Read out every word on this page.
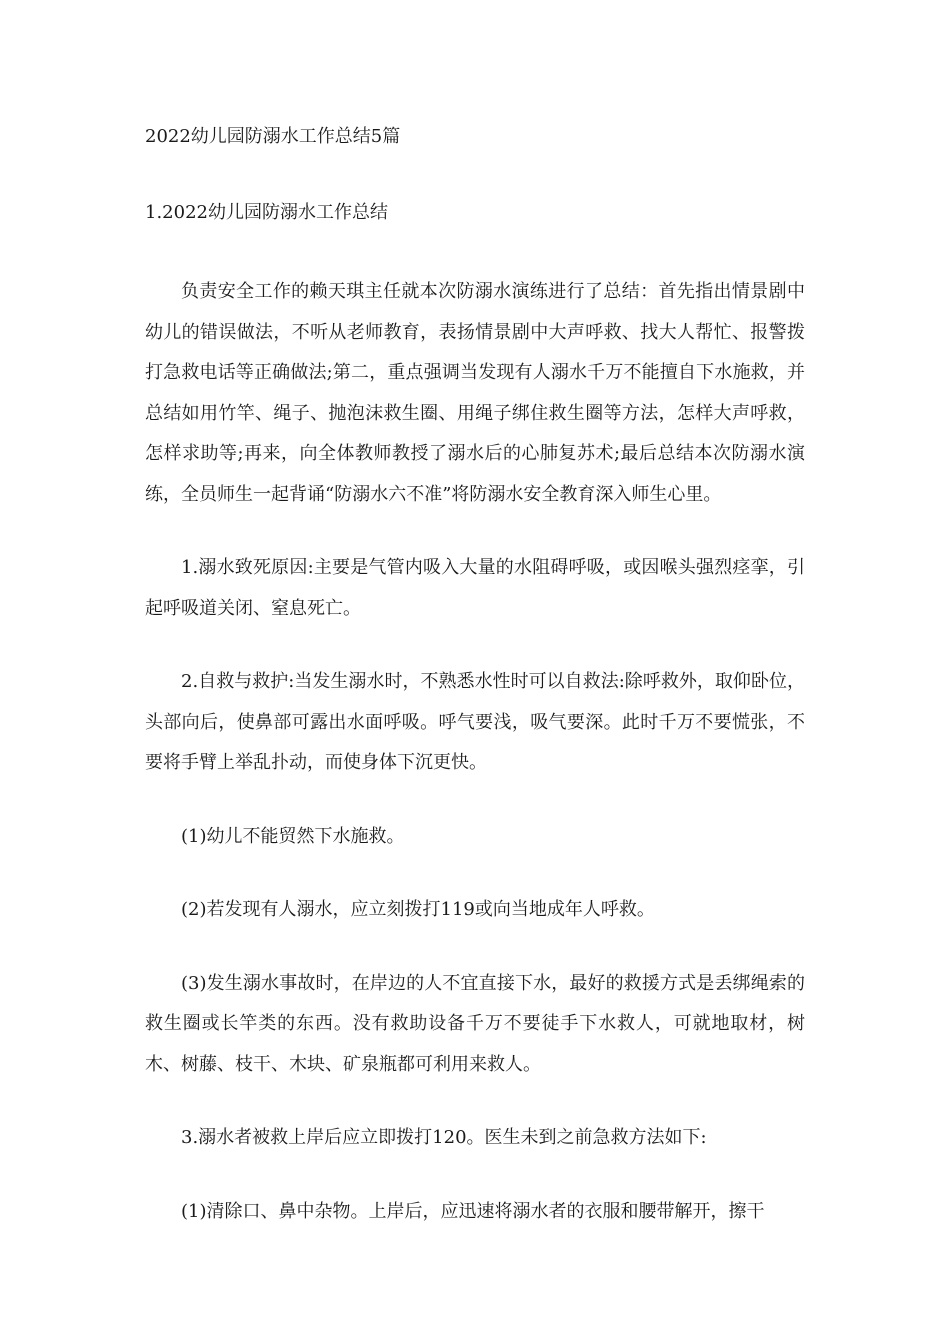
2022幼儿园防溺水工作总结5篇
1.2022幼儿园防溺水工作总结

负责安全工作的赖天琪主任就本次防溺水演练进行了总结：首先指出情景剧中幼儿的错误做法，不听从老师教育，表扬情景剧中大声呼救、找大人帮忙、报警拨打急救电话等正确做法;第二，重点强调当发现有人溺水千万不能擅自下水施救，并总结如用竹竿、绳子、抛泡沫救生圈、用绳子绑住救生圈等方法，怎样大声呼救，怎样求助等;再来，向全体教师教授了溺水后的心肺复苏术;最后总结本次防溺水演练，全员师生一起背诵“防溺水六不准”将防溺水安全教育深入师生心里。

1.溺水致死原因:主要是气管内吸入大量的水阻碍呼吸，或因喉头强烈痉挛，引起呼吸道关闭、窒息死亡。

2.自救与救护:当发生溺水时，不熟悉水性时可以自救法:除呼救外，取仰卧位，头部向后，使鼻部可露出水面呼吸。呼气要浅，吸气要深。此时千万不要慌张，不要将手臂上举乱扑动，而使身体下沉更快。

(1)幼儿不能贸然下水施救。

(2)若发现有人溺水，应立刻拨打119或向当地成年人呼救。

(3)发生溺水事故时，在岸边的人不宜直接下水，最好的救援方式是丢绑绳索的救生圈或长竿类的东西。没有救助设备千万不要徒手下水救人，可就地取材，树木、树藤、枝干、木块、矿泉瓶都可利用来救人。

3.溺水者被救上岸后应立即拨打120。医生未到之前急救方法如下:

(1)清除口、鼻中杂物。上岸后，应迅速将溺水者的衣服和腰带解开，擦干
